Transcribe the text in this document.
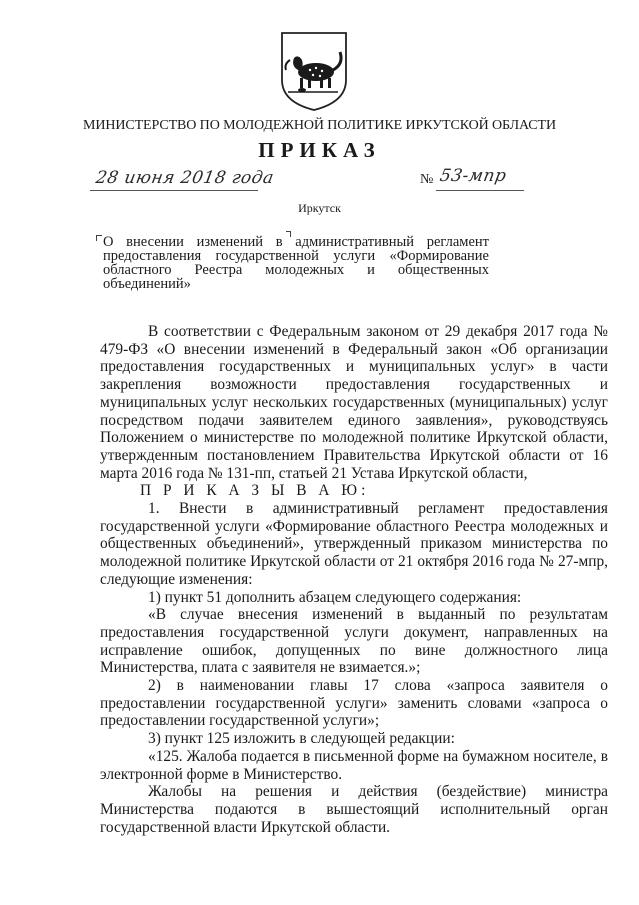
МИНИСТЕРСТВО ПО МОЛОДЕЖНОЙ ПОЛИТИКЕ ИРКУТСКОЙ ОБЛАСТИ
ПРИКАЗ
28 июня 2018 года	№ 53-мпр
Иркутск
О внесении изменений в административный регламент предоставления государственной услуги «Формирование областного Реестра молодежных и общественных объединений»

В соответствии с Федеральным законом от 29 декабря 2017 года № 479-ФЗ «О внесении изменений в Федеральный закон «Об организации предоставления государственных и муниципальных услуг» в части закрепления возможности предоставления государственных и муниципальных услуг нескольких государственных (муниципальных) услуг посредством подачи заявителем единого заявления», руководствуясь Положением о министерстве по молодежной политике Иркутской области, утвержденным постановлением Правительства Иркутской области от 16 марта 2016 года № 131-пп, статьей 21 Устава Иркутской области,

П Р И К А З Ы В А Ю:

1. Внести в административный регламент предоставления государственной услуги «Формирование областного Реестра молодежных и общественных объединений», утвержденный приказом министерства по молодежной политике Иркутской области от 21 октября 2016 года № 27-мпр, следующие изменения:

1) пункт 51 дополнить абзацем следующего содержания:

«В случае внесения изменений в выданный по результатам предоставления государственной услуги документ, направленных на исправление ошибок, допущенных по вине должностного лица Министерства, плата с заявителя не взимается.»;

2) в наименовании главы 17 слова «запроса заявителя о предоставлении государственной услуги» заменить словами «запроса о предоставлении государственной услуги»;

3) пункт 125 изложить в следующей редакции:

«125. Жалоба подается в письменной форме на бумажном носителе, в электронной форме в Министерство.

Жалобы на решения и действия (бездействие) министра Министерства подаются в вышестоящий исполнительный орган государственной власти Иркутской области.
